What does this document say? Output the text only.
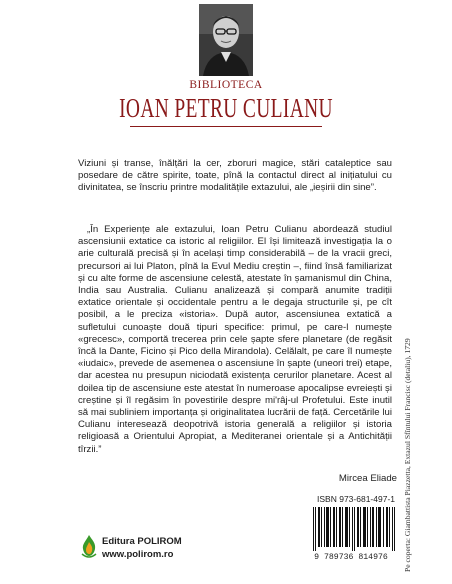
BIBLIOTECA
IOAN PETRU CULIANU
Viziuni și transe, înălțări la cer, zboruri magice, stări cataleptice sau posedare de către spirite, toate, pînă la contactul direct al inițiatului cu divinitatea, se înscriu printre modalitățile extazului, ale „ieșirii din sine”.

„În Experiențe ale extazului, Ioan Petru Culianu abordează studiul ascensiunii extatice ca istoric al religiilor. El își limitează investigația la o arie culturală precisă și în același timp considerabilă – de la vracii greci, precursori ai lui Platon, pînă la Evul Mediu creștin –, fiind însă familiarizat și cu alte forme de ascensiune celestă, atestate în șamanismul din China, India sau Australia. Culianu analizează și compară anumite tradiții extatice orientale și occidentale pentru a le degaja structurile și, pe cît posibil, a le preciza «istoria». După autor, ascensiunea extatică a sufletului cunoaște două tipuri specifice: primul, pe care-l numește «grecesc», comportă trecerea prin cele șapte sfere planetare (de regăsit încă la Dante, Ficino și Pico della Mirandola). Celălalt, pe care îl numește «iudaic», prevede de asemenea o ascensiune în șapte (uneori trei) etape, dar acestea nu presupun niciodată existența cerurilor planetare. Acest al doilea tip de ascensiune este atestat în numeroase apocalipse evreiești și creștine și îl regăsim în povestirile despre mi'râj-ul Profetului. Este inutil să mai subliniem importanța și originalitatea lucrării de față. Cercetările lui Culianu interesează deopotrivă istoria generală a religiilor și istoria religioasă a Orientului Apropiat, a Mediteranei orientale și a Antichității tîrzii.”

Mircea Eliade
ISBN 973-681-497-1
9 789736 814976
Editura POLIROM
www.polirom.ro	Pe coperta: Giambattista Piazzetta, Extazul Sfîntului Francisc (detaliu), 1729
